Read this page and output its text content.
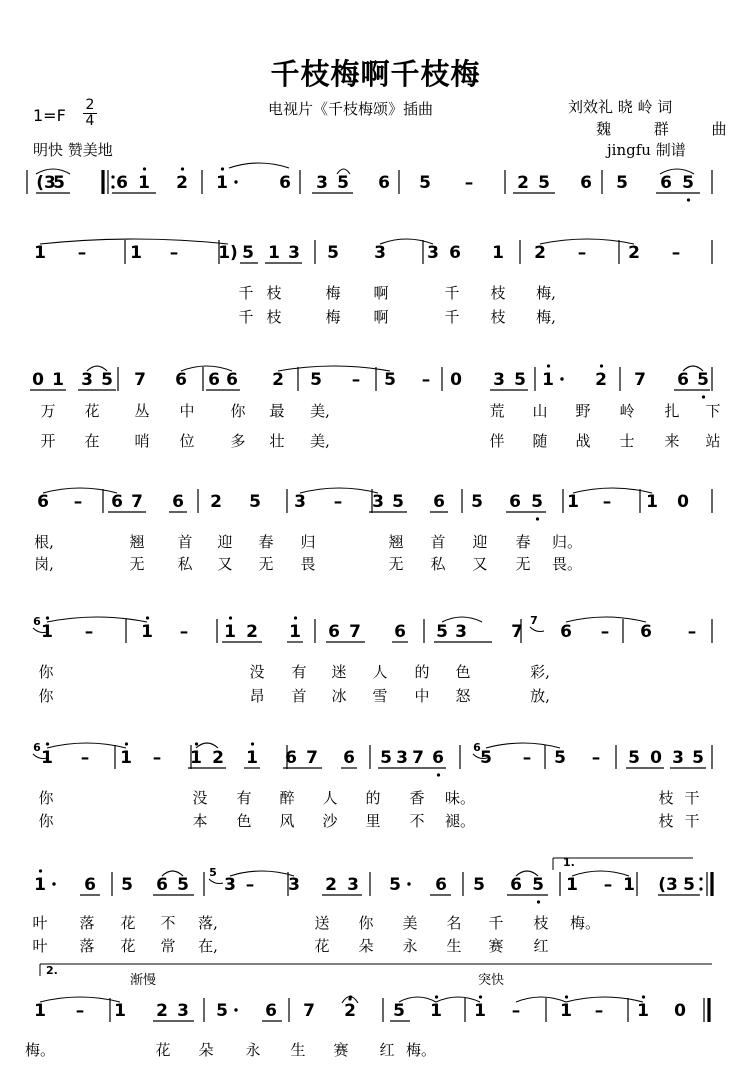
千枝梅啊千枝梅
电视片《千枝梅颂》插曲
$1=F \frac{2}{4}$
明快 赞美地
刘效礼 晓 岭 词
魏 群 曲
jingfu 制谱
(3
5	6 1 2 1	6 3 5 6 5 –	2 5 6 5 6 5
1 –	1 – 1) 5 1 3 5 3 3 6 1 2 – 2 –
千 枝	梅 啊	千 枝 梅,
千 枝	梅 啊	千 枝 梅,
0 1 3 5 7 6 6 6 2 5 – 5 – 0 3 5 1 2 7 6 5
万 花 丛 中 你 最 美,	荒 山 野 岭 扎 下
开 在 哨 位 多 壮 美,	伴 随 战 士 来 站
6 – 6 7 6 2 5 3 – 3 5 6 5 6 5 1 – 1 0
根,	翘 首 迎 春 归	翘 首 迎 春 归。
岗,	无 私 又 无 畏	无 私 又 无 畏。
1 –	1 – 1 2 1 6 7 6 5 3	7 6 – 6 –
6	7
你	没 有 迷 人 的 色	彩,
你	昂 首 冰 雪 中 怒	放,
1 – 1 – 1 2 1 6 7 6 5 3 7 6 5 – 5 – 5 0 3 5
6	6
你	没 有 醉 人 的 香 味。	枝 干
你	本 色 风 沙 里 不 褪。	枝 干
1 6 5 6 5 3 – 3 2 3 5 6 5 6 5 1 – 1 (3 5
5
叶 落 花 不 落,	送 你 美 名 千 枝 梅。
叶 落 花 常 在,	花 朵 永 生 赛 红
1 – 1 2 3 5 6 7 2 5 1 1 – 1 – 1 0
梅。	花 朵 永 生 赛 红 梅。
1.
2.
渐慢	突快
